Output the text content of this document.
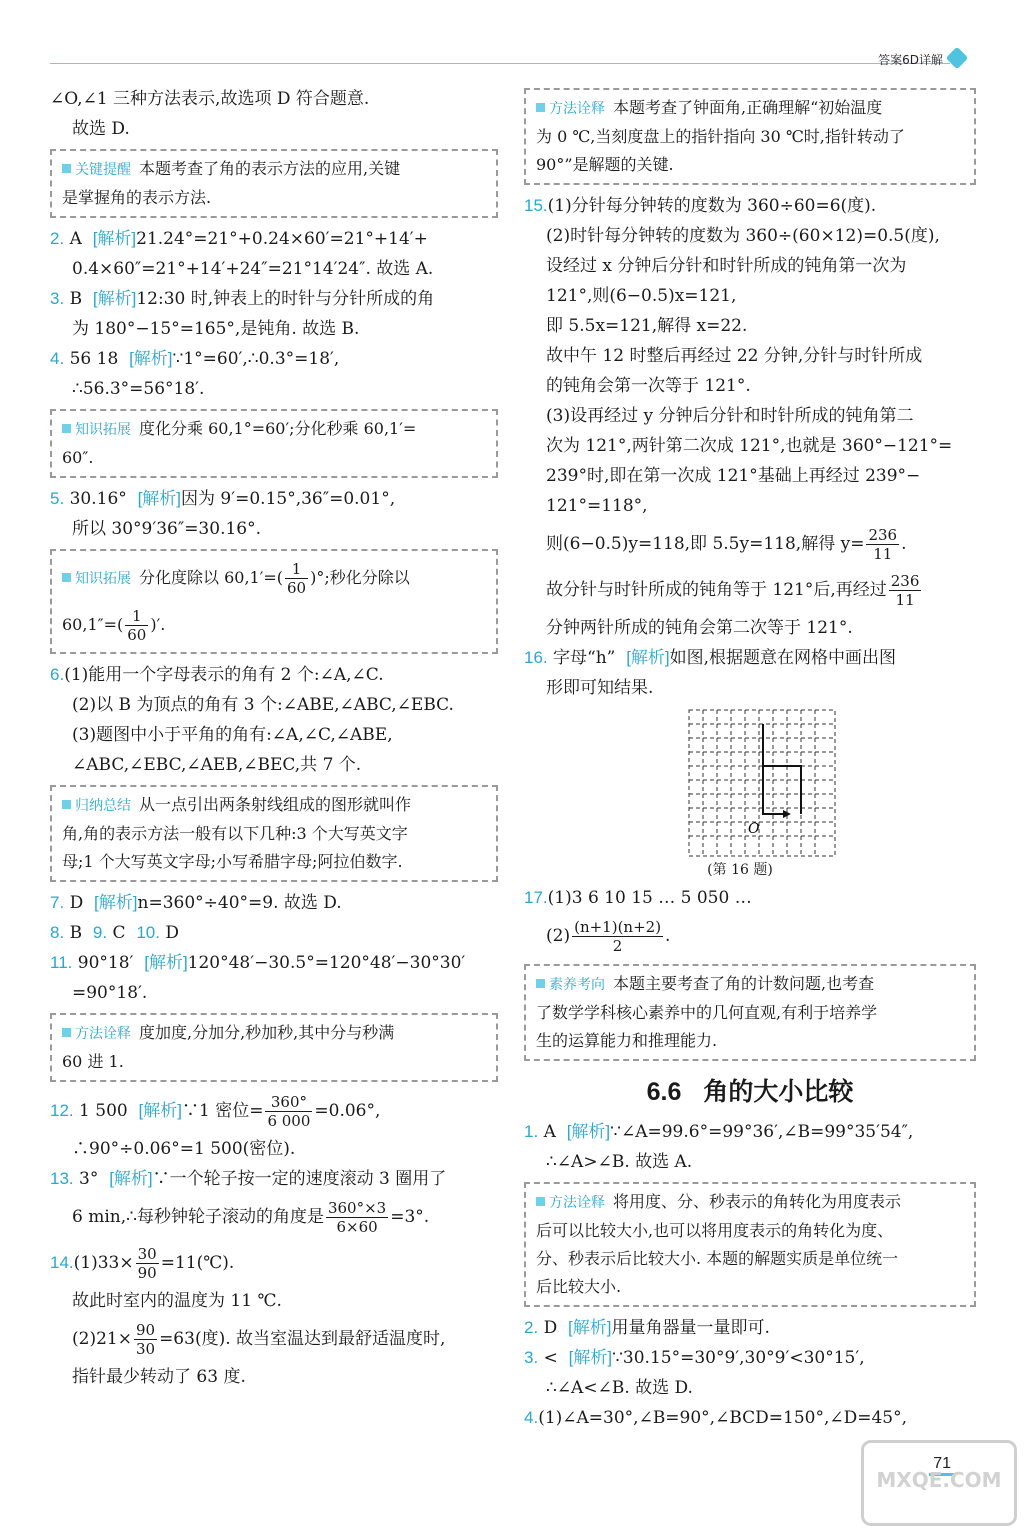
答案6D详解
∠O,∠1 三种方法表示,故选项 D 符合题意.
故选 D.
关键提醒 本题考查了角的表示方法的应用,关键
是掌握角的表示方法.
2. A [解析]21.24°=21°+0.24×60′=21°+14′+
0.4×60″=21°+14′+24″=21°14′24″. 故选 A.
3. B [解析]12:30 时,钟表上的时针与分针所成的角
为 180°−15°=165°,是钝角. 故选 B.
4. 56 18 [解析]∵1°=60′,∴0.3°=18′,
∴56.3°=56°18′.
知识拓展 度化分乘 60,1°=60′;分化秒乘 60,1′=
60″.
5. 30.16° [解析]因为 9′=0.15°,36″=0.01°,
所以 30°9′36″=30.16°.
知识拓展 分化度除以 $60,1'=( \frac{1}{60}$ )°;秒化分除以
$60,1''=( \frac{1}{60}$ )′.
6.(1)能用一个字母表示的角有 2 个:∠A,∠C.
(2)以 B 为顶点的角有 3 个:∠ABE,∠ABC,∠EBC.
(3)题图中小于平角的角有:∠A,∠C,∠ABE,
∠ABC,∠EBC,∠AEB,∠BEC,共 7 个.
归纳总结 从一点引出两条射线组成的图形就叫作
角,角的表示方法一般有以下几种:3 个大写英文字
母;1 个大写英文字母;小写希腊字母;阿拉伯数字.
7. D [解析]n=360°÷40°=9. 故选 D.
8. B 9. C 10. D
11. 90°18′ [解析]120°48′−30.5°=120°48′−30°30′
=90°18′.
方法诠释 度加度,分加分,秒加秒,其中分与秒满
60 进 1.
12. 1 500 [解析]∵1 密位= $\frac{360^\circ}{6 000} =0.06^\circ$,
∴90°÷0.06°=1 500(密位).
13. 3° [解析]∵一个轮子按一定的速度滚动 3 圈用了
6 min,∴每秒钟轮子滚动的角度是 $\frac{360^\circ\times 3}{6\times 60} =3^\circ$.
$14.(1)33\times \frac{30}{90}$ =11(℃).
故此时室内的温度为 11 ℃.
$(2)21\times \frac{90}{30} =63$(度). 故当室温达到最舒适温度时,
指针最少转动了 63 度.
方法诠释 本题考查了钟面角,正确理解“初始温度
为 0 ℃,当刻度盘上的指针指向 30 ℃时,指针转动了
90°”是解题的关键.
15.(1)分针每分钟转的度数为 360÷60=6(度).
(2)时针每分钟转的度数为 360÷(60×12)=0.5(度),
设经过 x 分钟后分针和时针所成的钝角第一次为
121°,则(6−0.5)x=121,
即 5.5x=121,解得 x=22.
故中午 12 时整后再经过 22 分钟,分针与时针所成
的钝角会第一次等于 121°.
(3)设再经过 y 分钟后分针和时针所成的钝角第二
次为 121°,两针第二次成 121°,也就是 360°−121°=
239°时,即在第一次成 121°基础上再经过 239°−
121°=118°,
则(6−0.5)y=118,即 5.5y=118,解得 $y= \frac{236}{11}$ .
故分针与时针所成的钝角等于 121°后,再经过 $\frac{236}{11}$
分钟两针所成的钝角会第二次等于 121°.
16. 字母“h” [解析]如图,根据题意在网格中画出图
形即可知结果.
O
(第 16 题)
17.(1)3 6 10 15 … 5 050 …
$(2) \frac{(n+1)(n+2)}{2}$ .
素养考向 本题主要考查了角的计数问题,也考查
了数学学科核心素养中的几何直观,有利于培养学
生的运算能力和推理能力.
6.6 角的大小比较
1. A [解析]∵∠A=99.6°=99°36′,∠B=99°35′54″,
∴∠A>∠B. 故选 A.
方法诠释 将用度、分、秒表示的角转化为用度表示
后可以比较大小,也可以将用度表示的角转化为度、
分、秒表示后比较大小. 本题的解题实质是单位统一
后比较大小.
2. D [解析]用量角器量一量即可.
3. < [解析]∵30.15°=30°9′,30°9′<30°15′,
∴∠A<∠B. 故选 D.
4.(1)∠A=30°,∠B=90°,∠BCD=150°,∠D=45°,
71
MXQE.COM
